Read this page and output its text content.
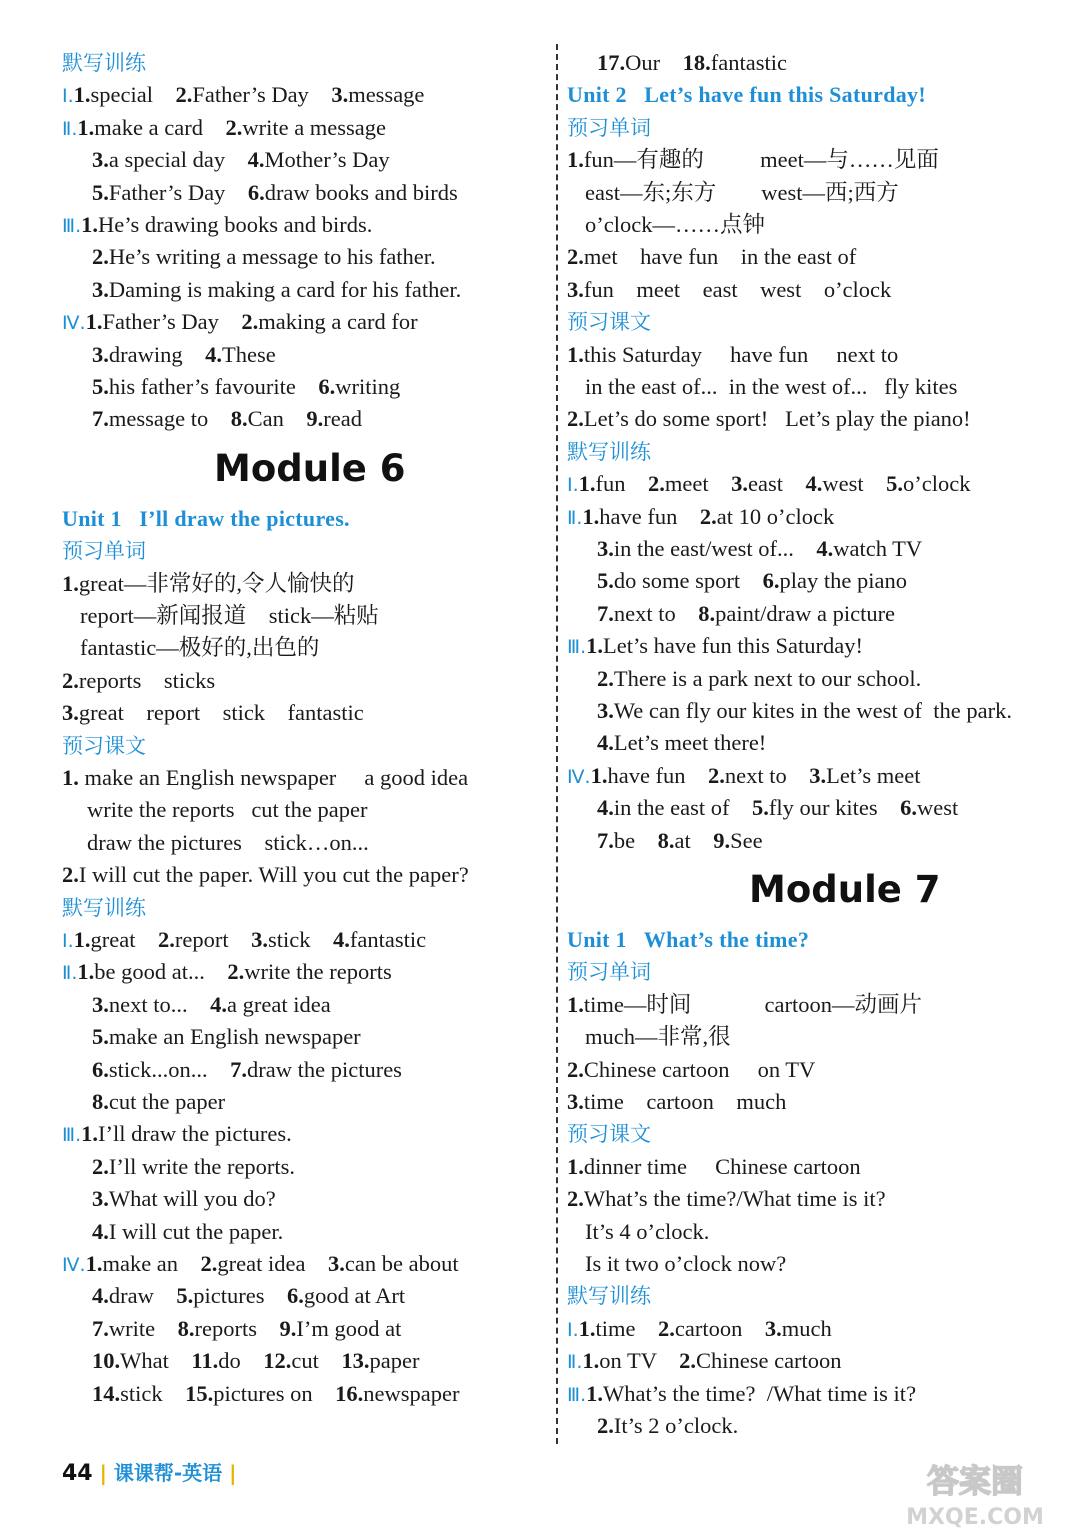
默写训练
Ⅰ.1.special 2.Father’s Day 3.message
Ⅱ.1.make a card 2.write a message
3.a special day 4.Mother’s Day
5.Father’s Day 6.draw books and birds
Ⅲ.1.He’s drawing books and birds.
2.He’s writing a message to his father.
3.Daming is making a card for his father.
Ⅳ.1.Father’s Day 2.making a card for
3.drawing 4.These
5.his father’s favourite 6.writing
7.message to 8.Can 9.read
Module 6
Unit 1   I’ll draw the pictures.
预习单词
1.great—非常好的,令人愉快的
report—新闻报道    stick—粘贴
fantastic—极好的,出色的
2.reports    sticks
3.great    report    stick    fantastic
预习课文
1. make an English newspaper     a good idea
write the reports   cut the paper
draw the pictures    stick…on...
2.I will cut the paper. Will you cut the paper?
默写训练
Ⅰ.1.great 2.report 3.stick 4.fantastic
Ⅱ.1.be good at... 2.write the reports
3.next to... 4.a great idea
5.make an English newspaper
6.stick...on... 7.draw the pictures
8.cut the paper
Ⅲ.1.I’ll draw the pictures.
2.I’ll write the reports.
3.What will you do?
4.I will cut the paper.
Ⅳ.1.make an 2.great idea 3.can be about
4.draw 5.pictures 6.good at Art
7.write 8.reports 9.I’m good at
10.What 11.do 12.cut 13.paper
14.stick 15.pictures on 16.newspaper
17.Our 18.fantastic
Unit 2   Let’s have fun this Saturday!
预习单词
1.fun—有趣的          meet—与……见面
east—东;东方        west—西;西方
o’clock—……点钟
2.met    have fun    in the east of
3.fun    meet    east    west    o’clock
预习课文
1.this Saturday     have fun     next to
in the east of...  in the west of...   fly kites
2.Let’s do some sport!   Let’s play the piano!
默写训练
Ⅰ.1.fun 2.meet 3.east 4.west 5.o’clock
Ⅱ.1.have fun 2.at 10 o’clock
3.in the east/west of... 4.watch TV
5.do some sport 6.play the piano
7.next to 8.paint/draw a picture
Ⅲ.1.Let’s have fun this Saturday!
2.There is a park next to our school.
3.We can fly our kites in the west of  the park.
4.Let’s meet there!
Ⅳ.1.have fun 2.next to 3.Let’s meet
4.in the east of 5.fly our kites 6.west
7.be 8.at 9.See
Module 7
Unit 1   What’s the time?
预习单词
1.time—时间             cartoon—动画片
much—非常,很
2.Chinese cartoon     on TV
3.time    cartoon    much
预习课文
1.dinner time     Chinese cartoon
2.What’s the time?/What time is it?
It’s 4 o’clock.
Is it two o’clock now?
默写训练
Ⅰ.1.time 2.cartoon 3.much
Ⅱ.1.on TV 2.Chinese cartoon
Ⅲ.1.What’s the time?  /What time is it?
2.It’s 2 o’clock.
44 | 课课帮-英语 |	答案圈
MXQE.COM
